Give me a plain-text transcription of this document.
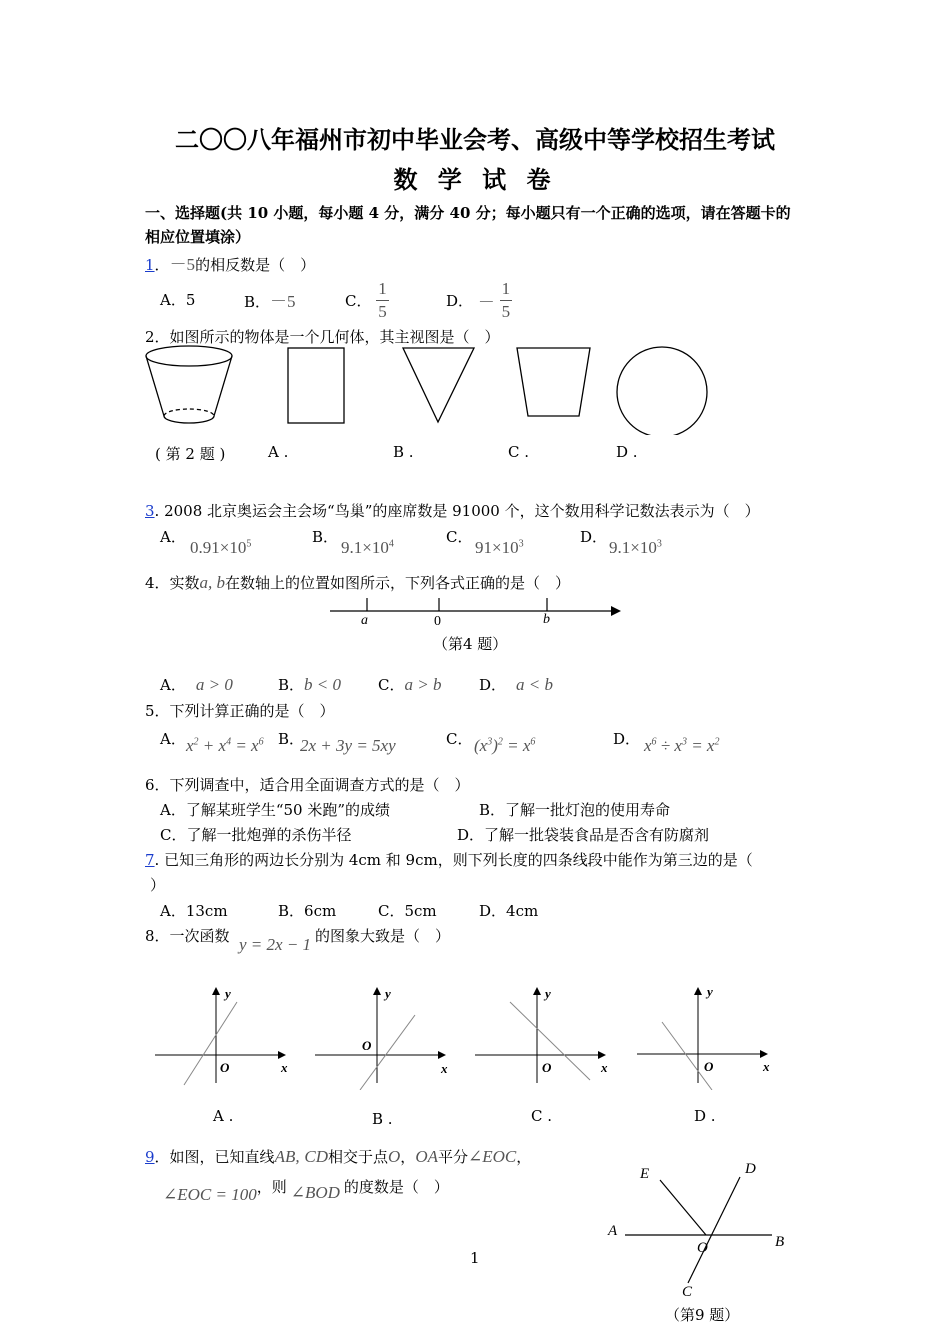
二〇〇八年福州市初中毕业会考、高级中等学校招生考试
数 学 试 卷
一、选择题(共 10 小题，每小题 4 分，满分 40 分；每小题只有一个正确的选项，请在答题卡的
相应位置填涂）
1．－5的相反数是（　）
A．5	B．－5	C． $\frac{1}{5}$	D． － $\frac{1}{5}$
2．如图所示的物体是一个几何体，其主视图是（　）
( 第 2 题 )	A .	B .	C .	D .
3. 2008 北京奥运会主会场“鸟巢”的座席数是 91000 个，这个数用科学记数法表示为（　）
A．
$0.91\times 10^5$	B．
$9.1\times 10^4$	C．
$91\times 10^3$	D．
$9.1\times 10^3$
4．实数a, b在数轴上的位置如图所示，下列各式正确的是（　）
a	0	b
（第4 题）
A． a > 0	B．b < 0 C．a > b	D． a < b
5．下列计算正确的是（　）
A． $x^2 + x^4 = x^6$ B．
2x + 3y = 5xy	C． $(x^3)^2 = x^6$	D． $x^6 \div x^3 = x^2$
6．下列调查中，适合用全面调查方式的是（　）
A．了解某班学生“50 米跑”的成绩	B．了解一批灯泡的使用寿命
C．了解一批炮弹的杀伤半径	D．了解一批袋装食品是否含有防腐剂
7. 已知三角形的两边长分别为 4cm 和 9cm，则下列长度的四条线段中能作为第三边的是（
）
A．13cm	B．6cm	C．5cm	D．4cm
8．一次函数 y = 2x − 1 的图象大致是（　）
y
x
O
y
x
O
y
x
O
y
x
O
A .	B .	C .	D .
9．如图，已知直线AB, CD相交于点O，OA平分∠EOC，
∠EOC = 100，则 ∠BOD 的度数是（　）
E	D
A
B
O
C
（第9 题）
1
